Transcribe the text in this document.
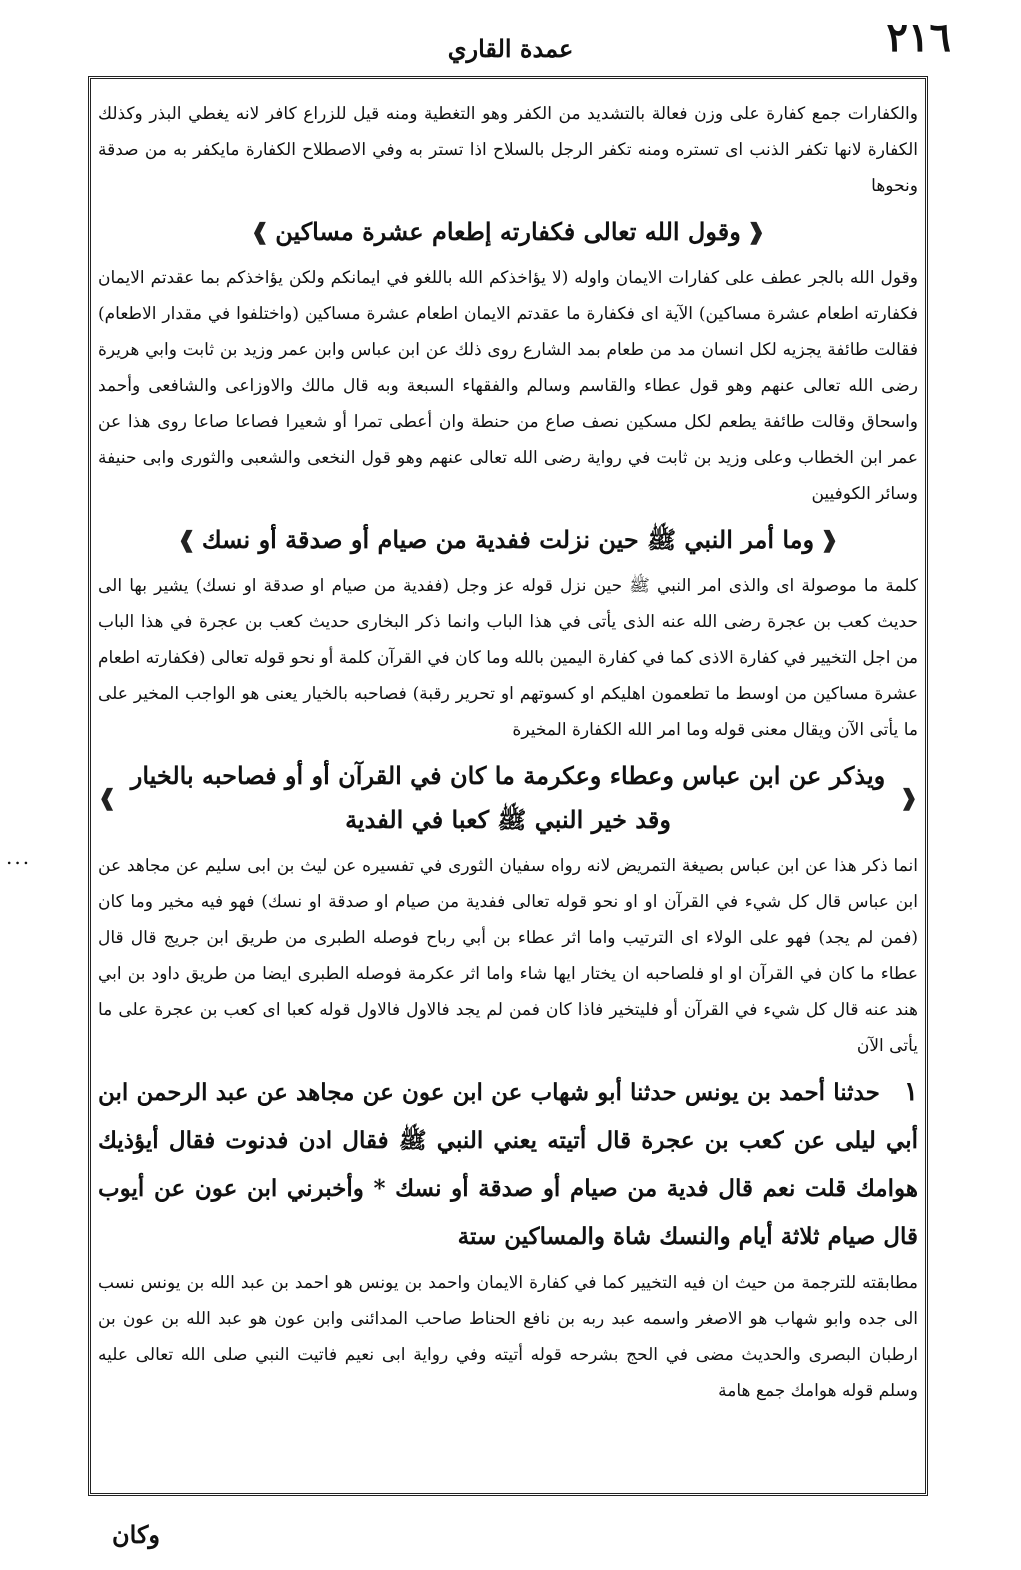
٢١٦
عمدة القاري

والكفارات جمع كفارة على وزن فعالة بالتشديد من الكفر وهو التغطية ومنه قيل للزراع كافر لانه يغطي البذر وكذلك الكفارة لانها تكفر الذنب اى تستره ومنه تكفر الرجل بالسلاح اذا تستر به وفي الاصطلاح الكفارة مايكفر به من صدقة ونحوها

❰
وقول الله تعالى فكفارته إطعام عشرة مساكين
❱

وقول الله بالجر عطف على كفارات الايمان واوله (لا يؤاخذكم الله باللغو في ايمانكم ولكن يؤاخذكم بما عقدتم الايمان فكفارته اطعام عشرة مساكين) الآية اى فكفارة ما عقدتم الايمان اطعام عشرة مساكين (واختلفوا في مقدار الاطعام) فقالت طائفة يجزيه لكل انسان مد من طعام بمد الشارع روى ذلك عن ابن عباس وابن عمر وزيد بن ثابت وابي هريرة رضى الله تعالى عنهم وهو قول عطاء والقاسم وسالم والفقهاء السبعة وبه قال مالك والاوزاعى والشافعى وأحمد واسحاق وقالت طائفة يطعم لكل مسكين نصف صاع من حنطة وان أعطى تمرا أو شعيرا فصاعا صاعا روى هذا عن عمر ابن الخطاب وعلى وزيد بن ثابت في رواية رضى الله تعالى عنهم وهو قول النخعى والشعبى والثورى وابى حنيفة وسائر الكوفيين

❰
وما أمر النبي ﷺ حين نزلت ففدية من صيام أو صدقة أو نسك
❱

كلمة ما موصولة اى والذى امر النبي ﷺ حين نزل قوله عز وجل (ففدية من صيام او صدقة او نسك) يشير بها الى حديث كعب بن عجرة رضى الله عنه الذى يأتى في هذا الباب وانما ذكر البخارى حديث كعب بن عجرة في هذا الباب من اجل التخيير في كفارة الاذى كما في كفارة اليمين بالله وما كان في القرآن كلمة أو نحو قوله تعالى (فكفارته اطعام عشرة مساكين من اوسط ما تطعمون اهليكم او كسوتهم او تحرير رقبة) فصاحبه بالخيار يعنى هو الواجب المخير على ما يأتى الآن ويقال معنى قوله وما امر الله الكفارة المخيرة

❰
ويذكر عن ابن عباس وعطاء وعكرمة ما كان في القرآن أو أو فصاحبه بالخيار وقد خير النبي ﷺ كعبا في الفدية
❱

انما ذكر هذا عن ابن عباس بصيغة التمريض لانه رواه سفيان الثورى في تفسيره عن ليث بن ابى سليم عن مجاهد عن ابن عباس قال كل شيء في القرآن او او نحو قوله تعالى ففدية من صيام او صدقة او نسك) فهو فيه مخير وما كان (فمن لم يجد) فهو على الولاء اى الترتيب واما اثر عطاء بن أبي رباح فوصله الطبرى من طريق ابن جريج قال قال عطاء ما كان في القرآن او او فلصاحبه ان يختار ايها شاء واما اثر عكرمة فوصله الطبرى ايضا من طريق داود بن ابي هند عنه قال كل شيء في القرآن أو فليتخير فاذا كان فمن لم يجد فالاول فالاول قوله كعبا اى كعب بن عجرة على ما يأتى الآن

١ حدثنا أحمد بن يونس حدثنا أبو شهاب عن ابن عون عن مجاهد عن عبد الرحمن ابن أبي ليلى عن كعب بن عجرة قال أتيته يعني النبي ﷺ فقال ادن فدنوت فقال أيؤذيك هوامك قلت نعم قال فدية من صيام أو صدقة أو نسك * وأخبرني ابن عون عن أيوب قال صيام ثلاثة أيام والنسك شاة والمساكين ستة

مطابقته للترجمة من حيث ان فيه التخيير كما في كفارة الايمان واحمد بن يونس هو احمد بن عبد الله بن يونس نسب الى جده وابو شهاب هو الاصغر واسمه عبد ربه بن نافع الحناط صاحب المدائنى وابن عون هو عبد الله بن عون بن ارطبان البصرى والحديث مضى في الحج بشرحه قوله أتيته وفي رواية ابى نعيم فاتيت النبي صلى الله تعالى عليه وسلم قوله هوامك جمع هامة

وكان
...
